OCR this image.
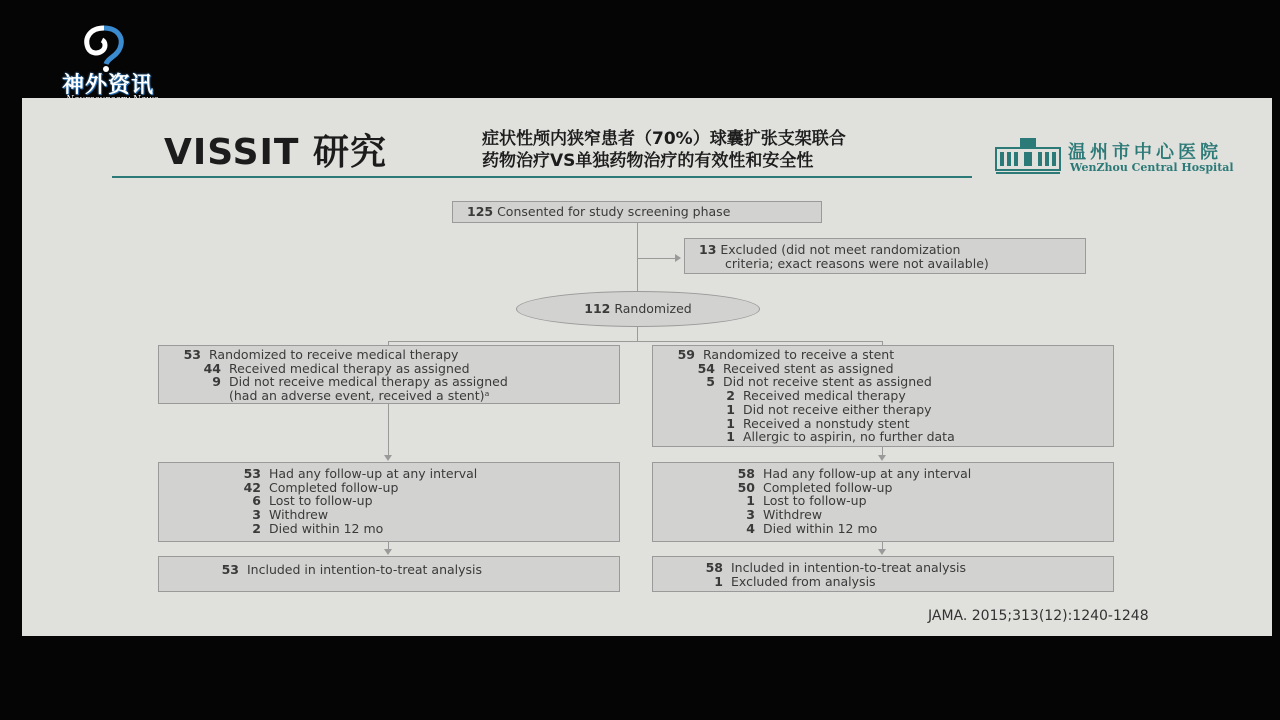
神外资讯
VISSIT 研究	症状性颅内狭窄患者（70%）球囊扩张支架联合
药物治疗VS单独药物治疗的有效性和安全性	温州市中心医院
WenZhou Central Hospital
125 Consented for study screening phase
13 Excluded (did not meet randomization
criteria; exact reasons were not available)
112 Randomized
53 Randomized to receive medical therapy
44 Received medical therapy as assigned
9 Did not receive medical therapy as assigned
(had an adverse event, received a stent)ᵃ
59 Randomized to receive a stent
54 Received stent as assigned
5 Did not receive stent as assigned
2 Received medical therapy
1 Did not receive either therapy
1 Received a nonstudy stent
1 Allergic to aspirin, no further data
53 Had any follow-up at any interval
42 Completed follow-up
6 Lost to follow-up
3 Withdrew
2 Died within 12 mo
58 Had any follow-up at any interval
50 Completed follow-up
1 Lost to follow-up
3 Withdrew
4 Died within 12 mo
53 Included in intention-to-treat analysis	58 Included in intention-to-treat analysis
1 Excluded from analysis
JAMA. 2015;313(12):1240-1248
